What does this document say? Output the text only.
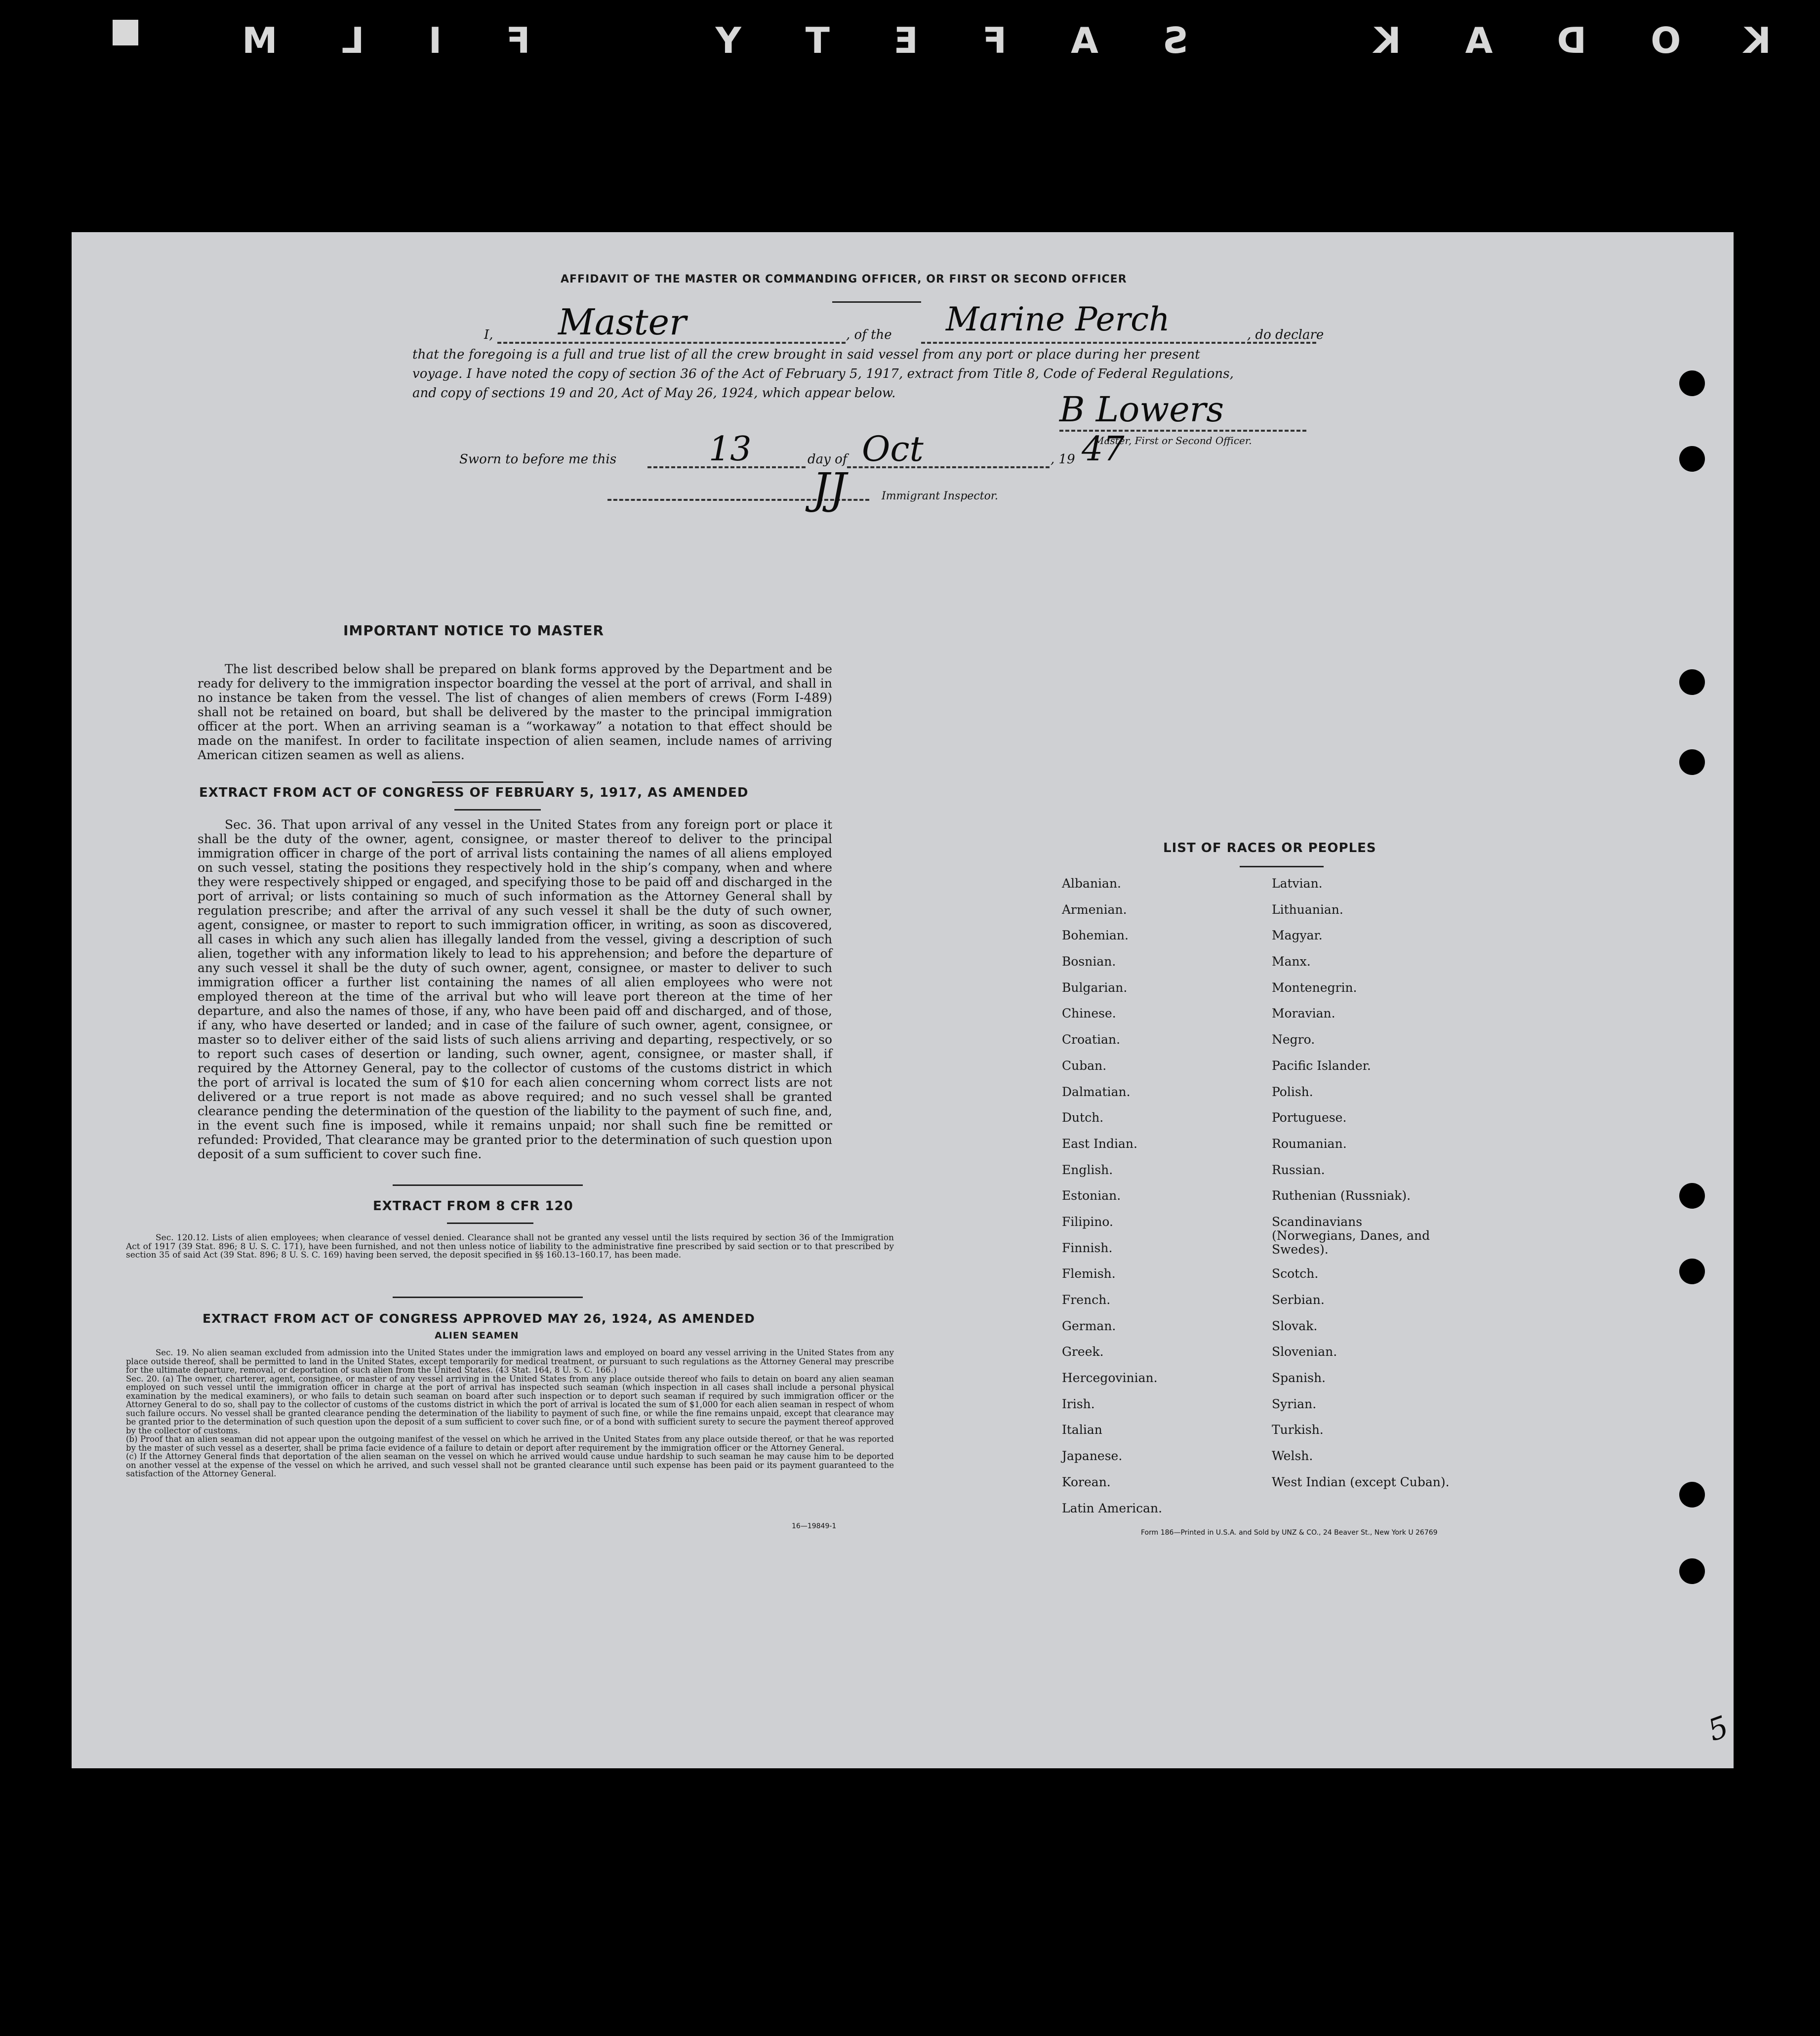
KODAK SAFETY FILM
AFFIDAVIT OF THE MASTER OR COMMANDING OFFICER, OR FIRST OR SECOND OFFICER
I, Master	, of the Marine Perch	, do declare
that the foregoing is a full and true list of all the crew brought in said vessel from any port or place during her present
voyage. I have noted the copy of section 36 of the Act of February 5, 1917, extract from Title 8, Code of Federal Regulations,
and copy of sections 19 and 20, Act of May 26, 1924, which appear below.	B Lowers
Master, First or Second Officer.
Sworn to before me this	13	day of Oct	, 19 47
JJ	Immigrant Inspector.
IMPORTANT NOTICE TO MASTER
The list described below shall be prepared on blank forms approved by the Department and be ready for delivery to the immigration inspector boarding the vessel at the port of arrival, and shall in no instance be taken from the vessel. The list of changes of alien members of crews (Form I-489) shall not be retained on board, but shall be delivered by the master to the principal immigration officer at the port. When an arriving seaman is a “workaway” a notation to that effect should be made on the manifest. In order to facilitate inspection of alien seamen, include names of arriving American citizen seamen as well as aliens.
EXTRACT FROM ACT OF CONGRESS OF FEBRUARY 5, 1917, AS AMENDED
Sec. 36. That upon arrival of any vessel in the United States from any foreign port or place it shall be the duty of the owner, agent, consignee, or master thereof to deliver to the principal immigration officer in charge of the port of arrival lists containing the names of all aliens employed on such vessel, stating the positions they respectively hold in the ship’s company, when and where they were respectively shipped or engaged, and specifying those to be paid off and discharged in the port of arrival; or lists containing so much of such information as the Attorney General shall by regulation prescribe; and after the arrival of any such vessel it shall be the duty of such owner, agent, consignee, or master to report to such immigration officer, in writing, as soon as discovered, all cases in which any such alien has illegally landed from the vessel, giving a description of such alien, together with any information likely to lead to his apprehension; and before the departure of any such vessel it shall be the duty of such owner, agent, consignee, or master to deliver to such immigration officer a further list containing the names of all alien employees who were not employed thereon at the time of the arrival but who will leave port thereon at the time of her departure, and also the names of those, if any, who have been paid off and discharged, and of those, if any, who have deserted or landed; and in case of the failure of such owner, agent, consignee, or master so to deliver either of the said lists of such aliens arriving and departing, respectively, or so to report such cases of desertion or landing, such owner, agent, consignee, or master shall, if required by the Attorney General, pay to the collector of customs of the customs district in which the port of arrival is located the sum of $10 for each alien concerning whom correct lists are not delivered or a true report is not made as above required; and no such vessel shall be granted clearance pending the determination of the question of the liability to the payment of such fine, and, in the event such fine is imposed, while it remains unpaid; nor shall such fine be remitted or refunded: Provided, That clearance may be granted prior to the determination of such question upon deposit of a sum sufficient to cover such fine.
EXTRACT FROM 8 CFR 120
Sec. 120.12. Lists of alien employees; when clearance of vessel denied. Clearance shall not be granted any vessel until the lists required by section 36 of the Immigration Act of 1917 (39 Stat. 896; 8 U. S. C. 171), have been furnished, and not then unless notice of liability to the administrative fine prescribed by said section or to that prescribed by section 35 of said Act (39 Stat. 896; 8 U. S. C. 169) having been served, the deposit specified in §§ 160.13–160.17, has been made.
EXTRACT FROM ACT OF CONGRESS APPROVED MAY 26, 1924, AS AMENDED
ALIEN SEAMEN
Sec. 19. No alien seaman excluded from admission into the United States under the immigration laws and employed on board any vessel arriving in the United States from any place outside thereof, shall be permitted to land in the United States, except temporarily for medical treatment, or pursuant to such regulations as the Attorney General may prescribe for the ultimate departure, removal, or deportation of such alien from the United States. (43 Stat. 164, 8 U. S. C. 166.)
Sec. 20. (a) The owner, charterer, agent, consignee, or master of any vessel arriving in the United States from any place outside thereof who fails to detain on board any alien seaman employed on such vessel until the immigration officer in charge at the port of arrival has inspected such seaman (which inspection in all cases shall include a personal physical examination by the medical examiners), or who fails to detain such seaman on board after such inspection or to deport such seaman if required by such immigration officer or the Attorney General to do so, shall pay to the collector of customs of the customs district in which the port of arrival is located the sum of $1,000 for each alien seaman in respect of whom such failure occurs. No vessel shall be granted clearance pending the determination of the liability to payment of such fine, or while the fine remains unpaid, except that clearance may be granted prior to the determination of such question upon the deposit of a sum sufficient to cover such fine, or of a bond with sufficient surety to secure the payment thereof approved by the collector of customs.
(b) Proof that an alien seaman did not appear upon the outgoing manifest of the vessel on which he arrived in the United States from any place outside thereof, or that he was reported by the master of such vessel as a deserter, shall be prima facie evidence of a failure to detain or deport after requirement by the immigration officer or the Attorney General.
(c) If the Attorney General finds that deportation of the alien seaman on the vessel on which he arrived would cause undue hardship to such seaman he may cause him to be deported on another vessel at the expense of the vessel on which he arrived, and such vessel shall not be granted clearance until such expense has been paid or its payment guaranteed to the satisfaction of the Attorney General.
16—19849-1
LIST OF RACES OR PEOPLES
Albanian.
Armenian.
Bohemian.
Bosnian.
Bulgarian.
Chinese.
Croatian.
Cuban.
Dalmatian.
Dutch.
East Indian.
English.
Estonian.
Filipino.
Finnish.
Flemish.
French.
German.
Greek.
Hercegovinian.
Irish.
Italian
Japanese.
Korean.
Latin American.
Latvian.
Lithuanian.
Magyar.
Manx.
Montenegrin.
Moravian.
Negro.
Pacific Islander.
Polish.
Portuguese.
Roumanian.
Russian.
Ruthenian (Russniak).
Scandinavians (Norwegians, Danes, and Swedes).
Scotch.
Serbian.
Slovak.
Slovenian.
Spanish.
Syrian.
Turkish.
Welsh.
West Indian (except Cuban).
Form 186—Printed in U.S.A. and Sold by UNZ & CO., 24 Beaver St., New York U 26769
5
